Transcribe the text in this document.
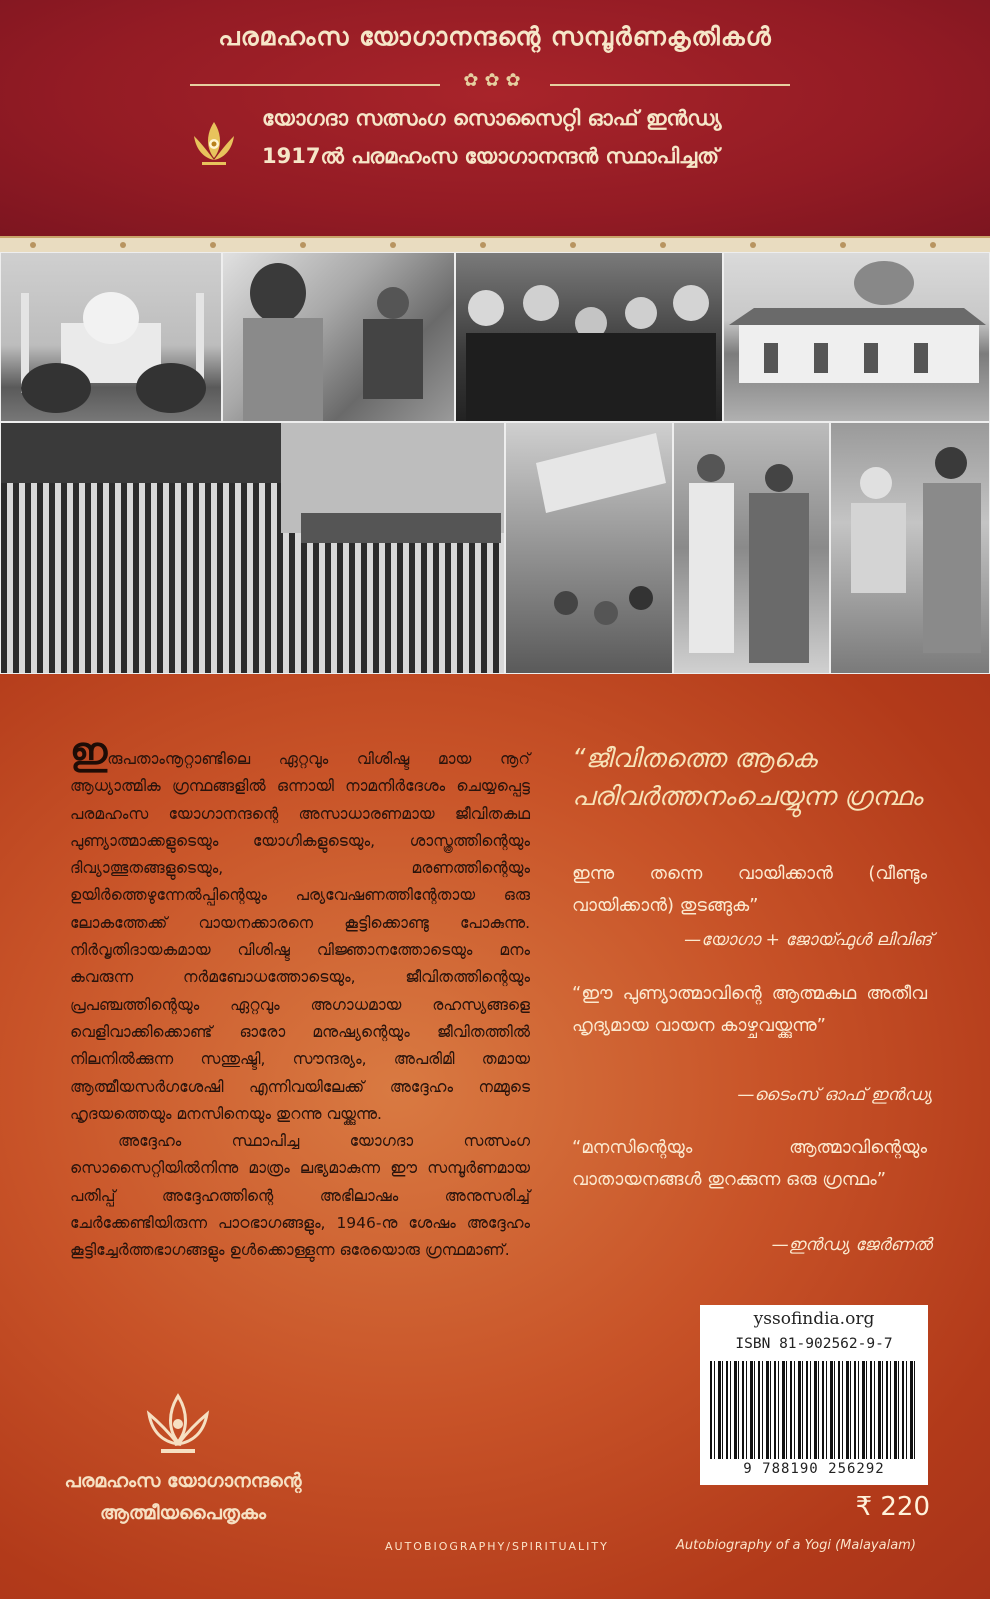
പരമഹംസ യോഗാനന്ദന്റെ സമ്പൂർണകൃതികൾ
✿✿✿
യോഗദാ സത്സംഗ സൊസൈറ്റി ഓഫ് ഇൻഡ്യ
1917ൽ പരമഹംസ യോഗാനന്ദൻ സ്ഥാപിച്ചത്

ഇരുപതാംനൂറ്റാണ്ടിലെ ഏറ്റവും വിശിഷ്ട മായ നൂറ് ആധ്യാത്മിക ഗ്രന്ഥങ്ങളിൽ ഒന്നായി നാമനിർദേശം ചെയ്യപ്പെട്ട പരമഹംസ യോഗാനന്ദന്റെ അസാധാരണമായ ജീവിതകഥ പുണ്യാത്മാക്കളുടെയും യോഗികളുടെയും, ശാസ്ത്രത്തിന്റെയും ദിവ്യാത്ഭുതങ്ങളുടെയും, മരണത്തിന്റെയും ഉയിർത്തെഴുന്നേൽപ്പിന്റെയും പര്യവേഷണത്തിന്റേതായ ഒരു ലോകത്തേക്ക് വായനക്കാരനെ കൂട്ടിക്കൊണ്ടു പോകുന്നു. നിർവൃതിദായകമായ വിശിഷ്ട വിജ്ഞാനത്തോടെയും മനം കവരുന്ന നർമബോധത്തോടെയും, ജീവിതത്തിന്റെയും പ്രപഞ്ചത്തിന്റെയും ഏറ്റവും അഗാധമായ രഹസ്യങ്ങളെ വെളിവാക്കിക്കൊണ്ട് ഓരോ മനുഷ്യന്റെയും ജീവിതത്തിൽ നിലനിൽക്കുന്ന സന്തുഷ്ടി, സൗന്ദര്യം, അപരിമി തമായ ആത്മീയസർഗശേഷി എന്നിവയിലേക്ക് അദ്ദേഹം നമ്മുടെ ഹൃദയത്തെയും മനസിനെയും തുറന്നു വയ്ക്കുന്നു.

അദ്ദേഹം സ്ഥാപിച്ച യോഗദാ സത്സംഗ സൊസൈറ്റിയിൽനിന്നു മാത്രം ലഭ്യമാകുന്ന ഈ സമ്പൂർണമായ പതിപ്പ് അദ്ദേഹത്തിന്റെ അഭിലാഷം അനുസരിച്ച് ചേർക്കേണ്ടിയിരുന്ന പാഠഭാഗങ്ങളും, 1946-നു ശേഷം അദ്ദേഹം കൂട്ടിച്ചേർത്തഭാഗങ്ങളും ഉൾക്കൊള്ളുന്ന ഒരേയൊരു ഗ്രന്ഥമാണ്.

“ജീവിതത്തെ ആകെ പരിവർത്തനംചെയ്യുന്ന ഗ്രന്ഥം
ഇന്നു തന്നെ വായിക്കാൻ (വീണ്ടും വായിക്കാൻ) തുടങ്ങുക”
—യോഗാ + ജോയ്ഫുൾ ലിവിങ്
“ഈ പുണ്യാത്മാവിന്റെ ആത്മകഥ അതീവ ഹൃദ്യമായ വായന കാഴ്ചവയ്ക്കുന്നു”
—ടൈംസ് ഓഫ് ഇൻഡ്യ
“മനസിന്റെയും ആത്മാവിന്റെയും വാതായനങ്ങൾ തുറക്കുന്ന ഒരു ഗ്രന്ഥം”
—ഇൻഡ്യ ജേർണൽ
yssofindia.org
ISBN 81-902562-9-7
9 788190 256292
₹ 220
പരമഹംസ യോഗാനന്ദന്റെ
ആത്മീയപൈതൃകം
AUTOBIOGRAPHY/SPIRITUALITY	Autobiography of a Yogi (Malayalam)
